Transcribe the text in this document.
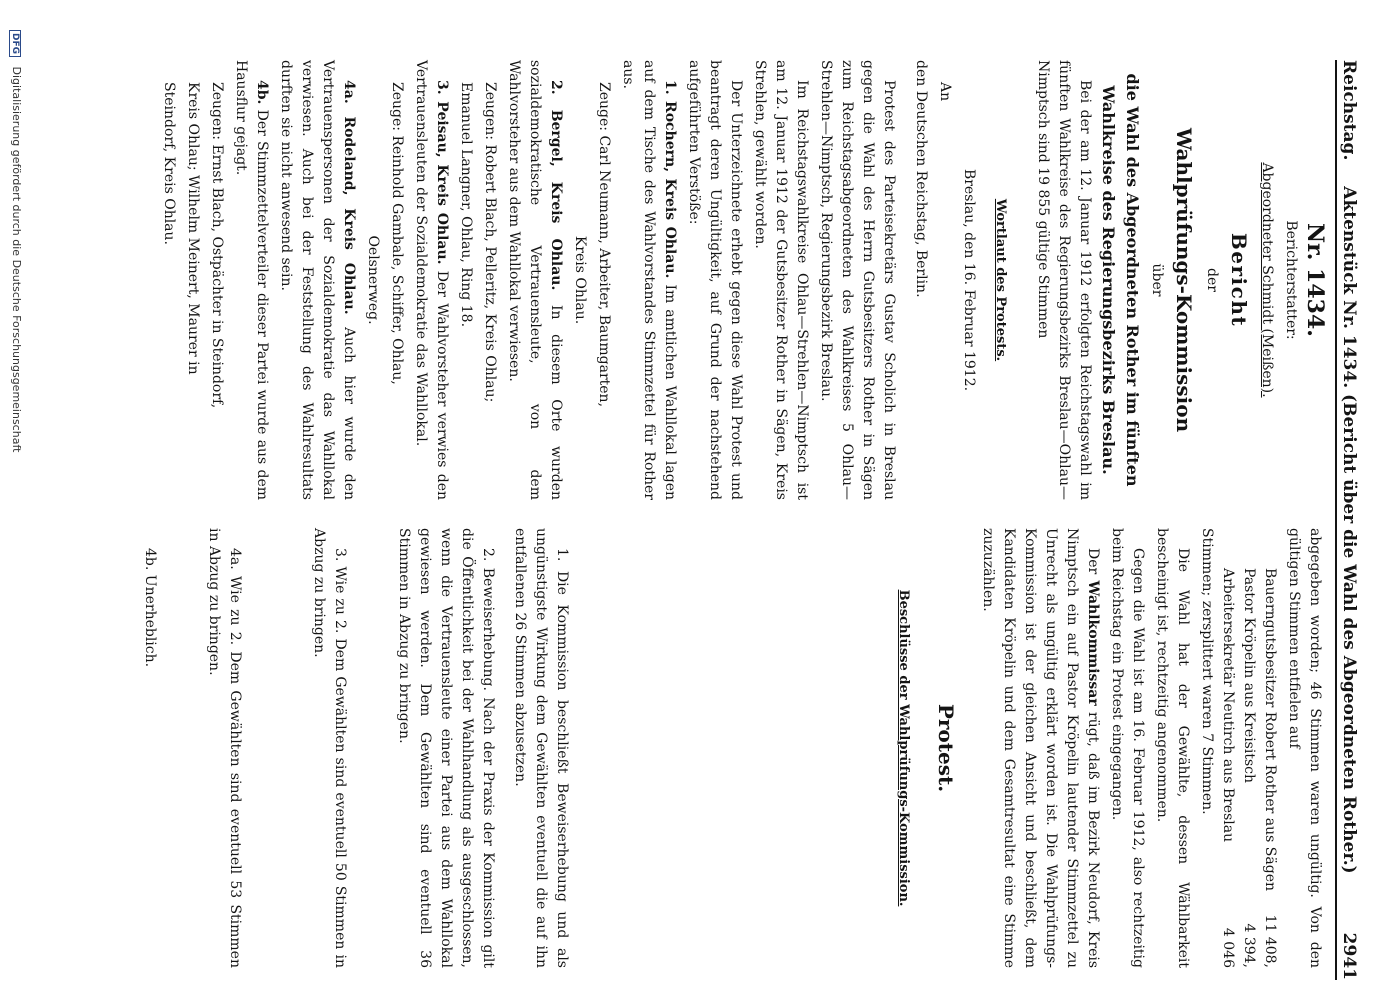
Reichstag.
Aktenstück Nr. 1434. (Bericht über die Wahl des Abgeordneten Rother.)
2941

Nr. 1434.

Berichterstatter:

Abgeordneter Schmidt (Meißen).

Bericht

der

Wahlprüfungs-Kommission

über

die Wahl des Abgeordneten Rother im fünften

Wahlkreise des Regierungsbezirks Breslau.

Bei der am 12. Januar 1912 erfolgten Reichstagswahl im fünften Wahlkreise des Regierungsbezirks Breslau—Ohlau—Nimptsch sind 19 855 gültige Stimmen

Wortlaut des Protests.

Breslau, den 16. Februar 1912.

An

den Deutschen Reichstag, Berlin.

Protest des Parteisekretärs Gustav Scholich in Breslau gegen die Wahl des Herrn Gutsbesitzers Rother in Sägen zum Reichstagsabgeordneten des Wahlkreises 5 Ohlau—Strehlen—Nimptsch, Regierungsbezirk Breslau.

Im Reichstagswahlkreise Ohlau—Strehlen—Nimptsch ist am 12. Januar 1912 der Gutsbesitzer Rother in Sägen, Kreis Strehlen, gewählt worden.

Der Unterzeichnete erhebt gegen diese Wahl Protest und beantragt deren Ungültigkeit, auf Grund der nachstehend aufgeführten Verstöße:

1. Rochern, Kreis Ohlau. Im amtlichen Wahllokal lagen auf dem Tische des Wahlvorstandes Stimmzettel für Rother aus.

Zeuge: Carl Neumann, Arbeiter, Baumgarten,

Kreis Ohlau.

2. Bergel, Kreis Ohlau. In diesem Orte wurden sozialdemokratische Vertrauensleute, von dem Wahlvorsteher aus dem Wahllokal verwiesen.

Zeugen: Robert Blach, Pelleritz, Kreis Ohlau;

Emanuel Langner, Ohlau, Ring 18.

3. Peisau, Kreis Ohlau. Der Wahlvorsteher verwies den Vertrauensleuten der Sozialdemokratie das Wahllokal.

Zeuge: Reinhold Gambale, Schiffer, Ohlau,

Oelsnerweg.

4a. Rodeland, Kreis Ohlau. Auch hier wurde den Vertrauenspersonen der Sozialdemokratie das Wahllokal verwiesen. Auch bei der Feststellung des Wahlresultats durften sie nicht anwesend sein.

4b. Der Stimmzettelverteiler dieser Partei wurde aus dem Hausflur gejagt.

Zeugen: Ernst Blach, Ostpächter in Steindorf,

Kreis Ohlau; Wilhelm Meinert, Maurer in

Steindorf, Kreis Ohlau.

abgegeben worden; 46 Stimmen waren ungültig. Von den gültigen Stimmen entfielen auf

Bauerngutsbesitzer Robert Rother aus Sägen
11 408,
Pastor Kröpelin aus Kreisitsch
4 394,
Arbeitersekretär Neutirch aus Breslau
4 046

Stimmen; zersplittert waren 7 Stimmen.

Die Wahl hat der Gewählte, dessen Wählbarkeit bescheinigt ist, rechtzeitig angenommen.

Gegen die Wahl ist am 16. Februar 1912, also rechtzeitig beim Reichstag ein Protest eingegangen.

Der Wahlkommissar rügt, daß im Bezirk Neudorf, Kreis Nimptsch ein auf Pastor Kröpelin lautender Stimmzettel zu Unrecht als ungültig erklärt worden ist. Die Wahlprüfungs-Kommission ist der gleichen Ansicht und beschließt, dem Kandidaten Kröpelin und dem Gesamtresultat eine Stimme zuzuzählen.

Protest.

Beschlüsse der Wahlprüfungs-Kommission.

1. Die Kommission beschließt Beweiserhebung und als ungünstigste Wirkung dem Gewählten eventuell die auf ihn entfallenen 26 Stimmen abzusetzen.

2. Beweiserhebung. Nach der Praxis der Kommission gilt die Öffentlichkeit bei der Wahlhandlung als ausgeschlossen, wenn die Vertrauensleute einer Partei aus dem Wahllokal gewiesen werden. Dem Gewählten sind eventuell 36 Stimmen in Abzug zu bringen.

3. Wie zu 2. Dem Gewählten sind eventuell 50 Stimmen in Abzug zu bringen.

4a. Wie zu 2. Dem Gewählten sind eventuell 53 Stimmen in Abzug zu bringen.

4b. Unerheblich.

DFG Digitalisierung gefördert durch die Deutsche Forschungsgemeinschaft
